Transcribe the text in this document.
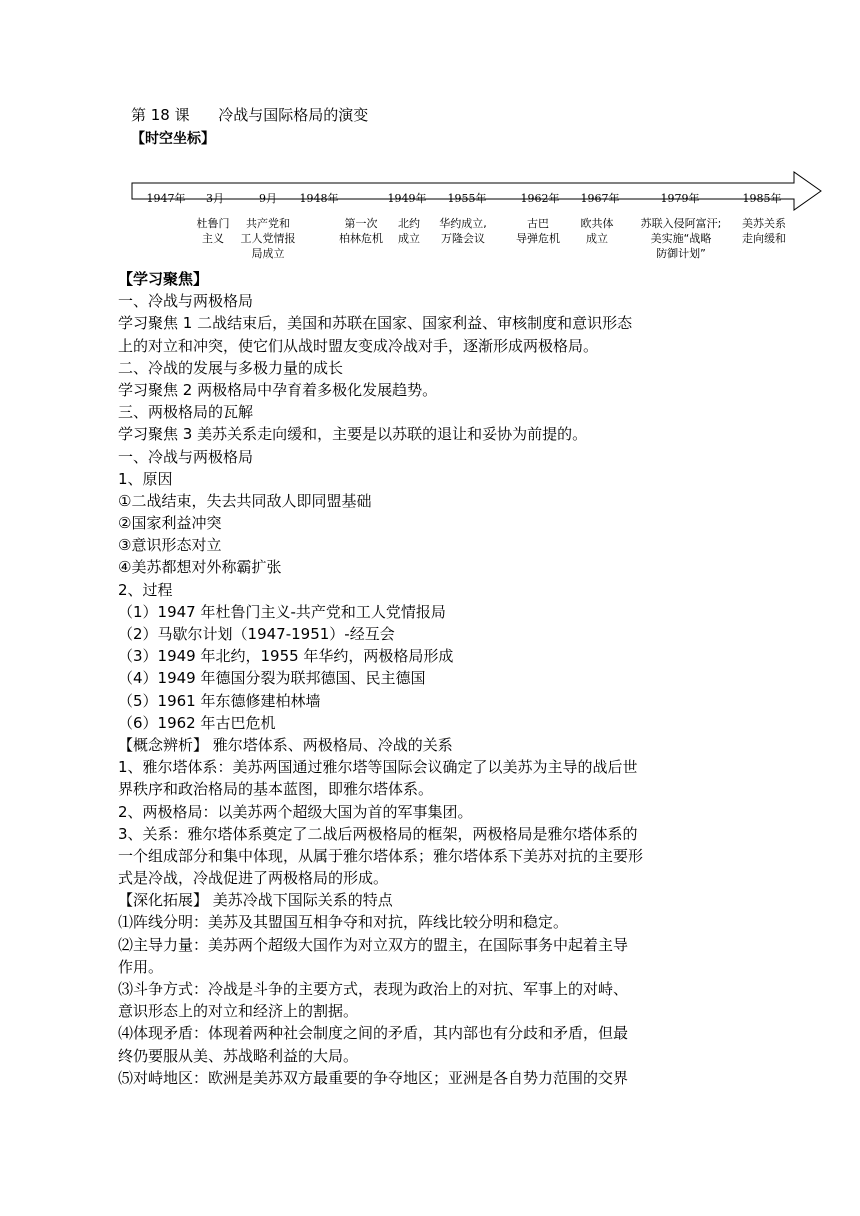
第 18 课      冷战与国际格局的演变
【时空坐标】
1947年 3月	9月 1948年	1949年 1955年	1962年 1967年	1979年	1985年
杜鲁门
主义
共产党和
工人党情报
局成立
第一次
柏林危机
北约
成立
华约成立,
万隆会议
古巴
导弹危机
欧共体
成立
苏联入侵阿富汗;
美实施“战略
防御计划”
美苏关系
走向缓和
【学习聚焦】
一、冷战与两极格局
学习聚焦 1 二战结束后，美国和苏联在国家、国家利益、审核制度和意识形态
上的对立和冲突，使它们从战时盟友变成冷战对手，逐渐形成两极格局。
二、冷战的发展与多极力量的成长
学习聚焦 2 两极格局中孕育着多极化发展趋势。
三、两极格局的瓦解
学习聚焦 3 美苏关系走向缓和，主要是以苏联的退让和妥协为前提的。
一、冷战与两极格局
1、原因
①二战结束，失去共同敌人即同盟基础
②国家利益冲突
③意识形态对立
④美苏都想对外称霸扩张
2、过程
（1）1947 年杜鲁门主义-共产党和工人党情报局
（2）马歇尔计划（1947-1951）-经互会
（3）1949 年北约，1955 年华约，两极格局形成
（4）1949 年德国分裂为联邦德国、民主德国
（5）1961 年东德修建柏林墙
（6）1962 年古巴危机
【概念辨析】 雅尔塔体系、两极格局、冷战的关系
1、雅尔塔体系：美苏两国通过雅尔塔等国际会议确定了以美苏为主导的战后世
界秩序和政治格局的基本蓝图，即雅尔塔体系。
2、两极格局：以美苏两个超级大国为首的军事集团。
3、关系：雅尔塔体系奠定了二战后两极格局的框架，两极格局是雅尔塔体系的
一个组成部分和集中体现，从属于雅尔塔体系；雅尔塔体系下美苏对抗的主要形
式是冷战，冷战促进了两极格局的形成。
【深化拓展】 美苏冷战下国际关系的特点
⑴阵线分明：美苏及其盟国互相争夺和对抗，阵线比较分明和稳定。
⑵主导力量：美苏两个超级大国作为对立双方的盟主，在国际事务中起着主导
作用。
⑶斗争方式：冷战是斗争的主要方式，表现为政治上的对抗、军事上的对峙、
意识形态上的对立和经济上的割据。
⑷体现矛盾：体现着两种社会制度之间的矛盾，其内部也有分歧和矛盾，但最
终仍要服从美、苏战略利益的大局。
⑸对峙地区：欧洲是美苏双方最重要的争夺地区；亚洲是各自势力范围的交界
